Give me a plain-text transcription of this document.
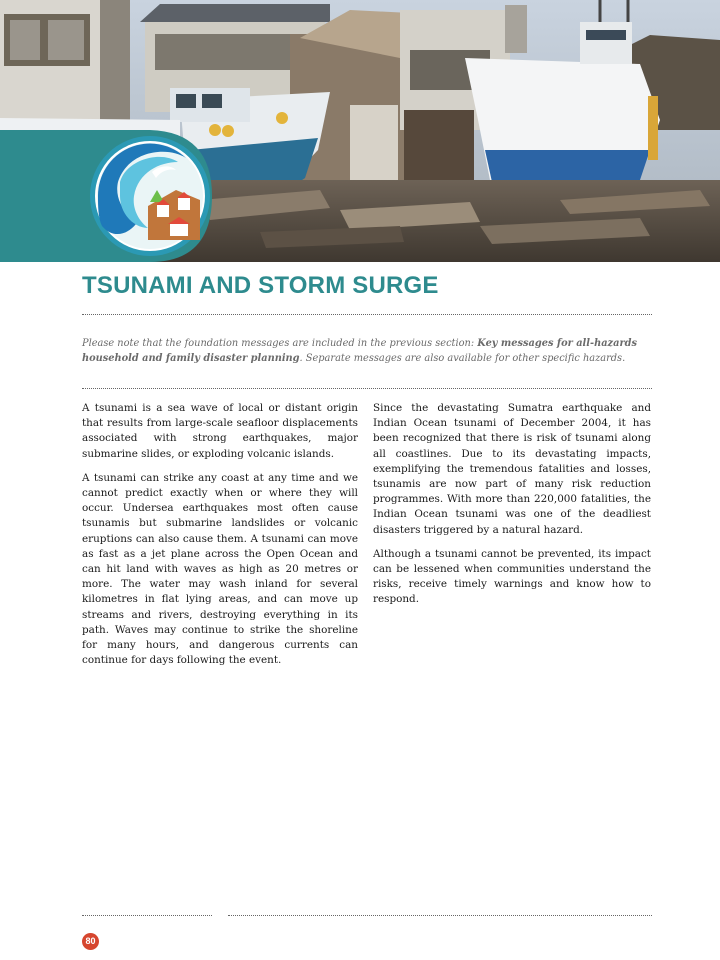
TSUNAMI AND STORM SURGE

Please note that the foundation messages are included in the previous section: Key messages for all-hazards household and family disaster planning. Separate messages are also available for other specific hazards.

A tsunami is a sea wave of local or distant origin that results from large-scale seafloor displacements associated with strong earthquakes, major submarine slides, or exploding volcanic islands.

A tsunami can strike any coast at any time and we cannot predict exactly when or where they will occur. Undersea earthquakes most often cause tsunamis but submarine landslides or volcanic eruptions can also cause them. A tsunami can move as fast as a jet plane across the Open Ocean and can hit land with waves as high as 20 metres or more. The water may wash inland for several kilometres in flat lying areas, and can move up streams and rivers, destroying everything in its path. Waves may continue to strike the shoreline for many hours, and dangerous currents can continue for days following the event.

Since the devastating Sumatra earthquake and Indian Ocean tsunami of December 2004, it has been recognized that there is risk of tsunami along all coastlines. Due to its devastating impacts, exemplifying the tremendous fatalities and losses, tsunamis are now part of many risk reduction programmes. With more than 220,000 fatalities, the Indian Ocean tsunami was one of the deadliest disasters triggered by a natural hazard.

Although a tsunami cannot be prevented, its impact can be lessened when communities understand the risks, receive timely warnings and know how to respond.

80
